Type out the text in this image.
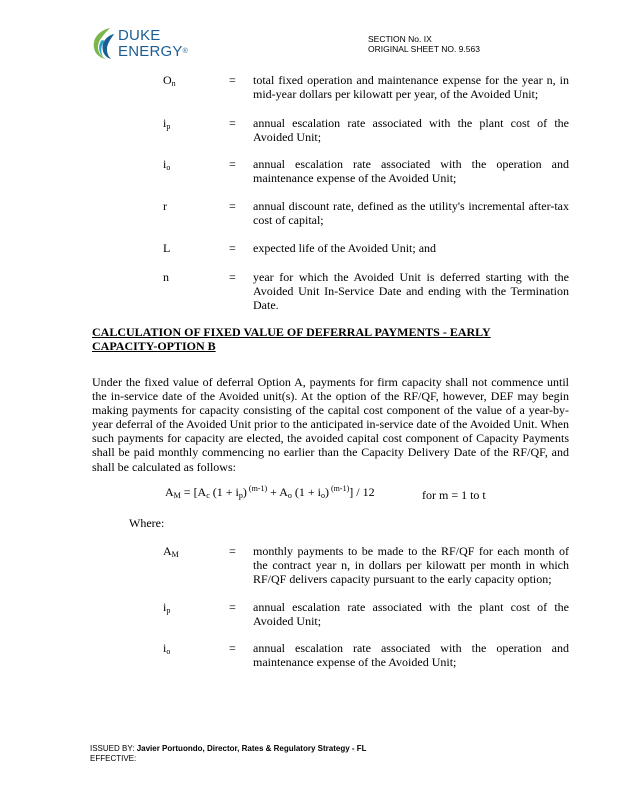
DUKE
ENERGY®
SECTION No. IX
ORIGINAL SHEET NO. 9.563
$O_n$	= total fixed operation and maintenance expense for the year n, in mid-year dollars per kilowatt per year, of the Avoided Unit;
$i_p$	= annual escalation rate associated with the plant cost of the Avoided Unit;
$i_o$	= annual escalation rate associated with the operation and maintenance expense of the Avoided Unit;
r	= annual discount rate, defined as the utility's incremental after-tax cost of capital;
L	= expected life of the Avoided Unit; and
n	= year for which the Avoided Unit is deferred starting with the Avoided Unit In-Service Date and ending with the Termination Date.
CALCULATION OF FIXED VALUE OF DEFERRAL PAYMENTS - EARLY CAPACITY-OPTION B
Under the fixed value of deferral Option A, payments for firm capacity shall not commence until the in-service date of the Avoided unit(s). At the option of the RF/QF, however, DEF may begin making payments for capacity consisting of the capital cost component of the value of a year-by-year deferral of the Avoided Unit prior to the anticipated in-service date of the Avoided Unit. When such payments for capacity are elected, the avoided capital cost component of Capacity Payments shall be paid monthly commencing no earlier than the Capacity Delivery Date of the RF/QF, and shall be calculated as follows:
$A_M = [A_c$ $(1 + i_p)$ $^{(m-1)} + A_o$ $(1 + i_o)$ $^{(m-1)}$] / 12	for m = 1 to t
Where:
$A_M$	= monthly payments to be made to the RF/QF for each month of the contract year n, in dollars per kilowatt per month in which RF/QF delivers capacity pursuant to the early capacity option;
$i_p$	= annual escalation rate associated with the plant cost of the Avoided Unit;
$i_o$	= annual escalation rate associated with the operation and maintenance expense of the Avoided Unit;
ISSUED BY: Javier Portuondo, Director, Rates & Regulatory Strategy - FL
EFFECTIVE:
